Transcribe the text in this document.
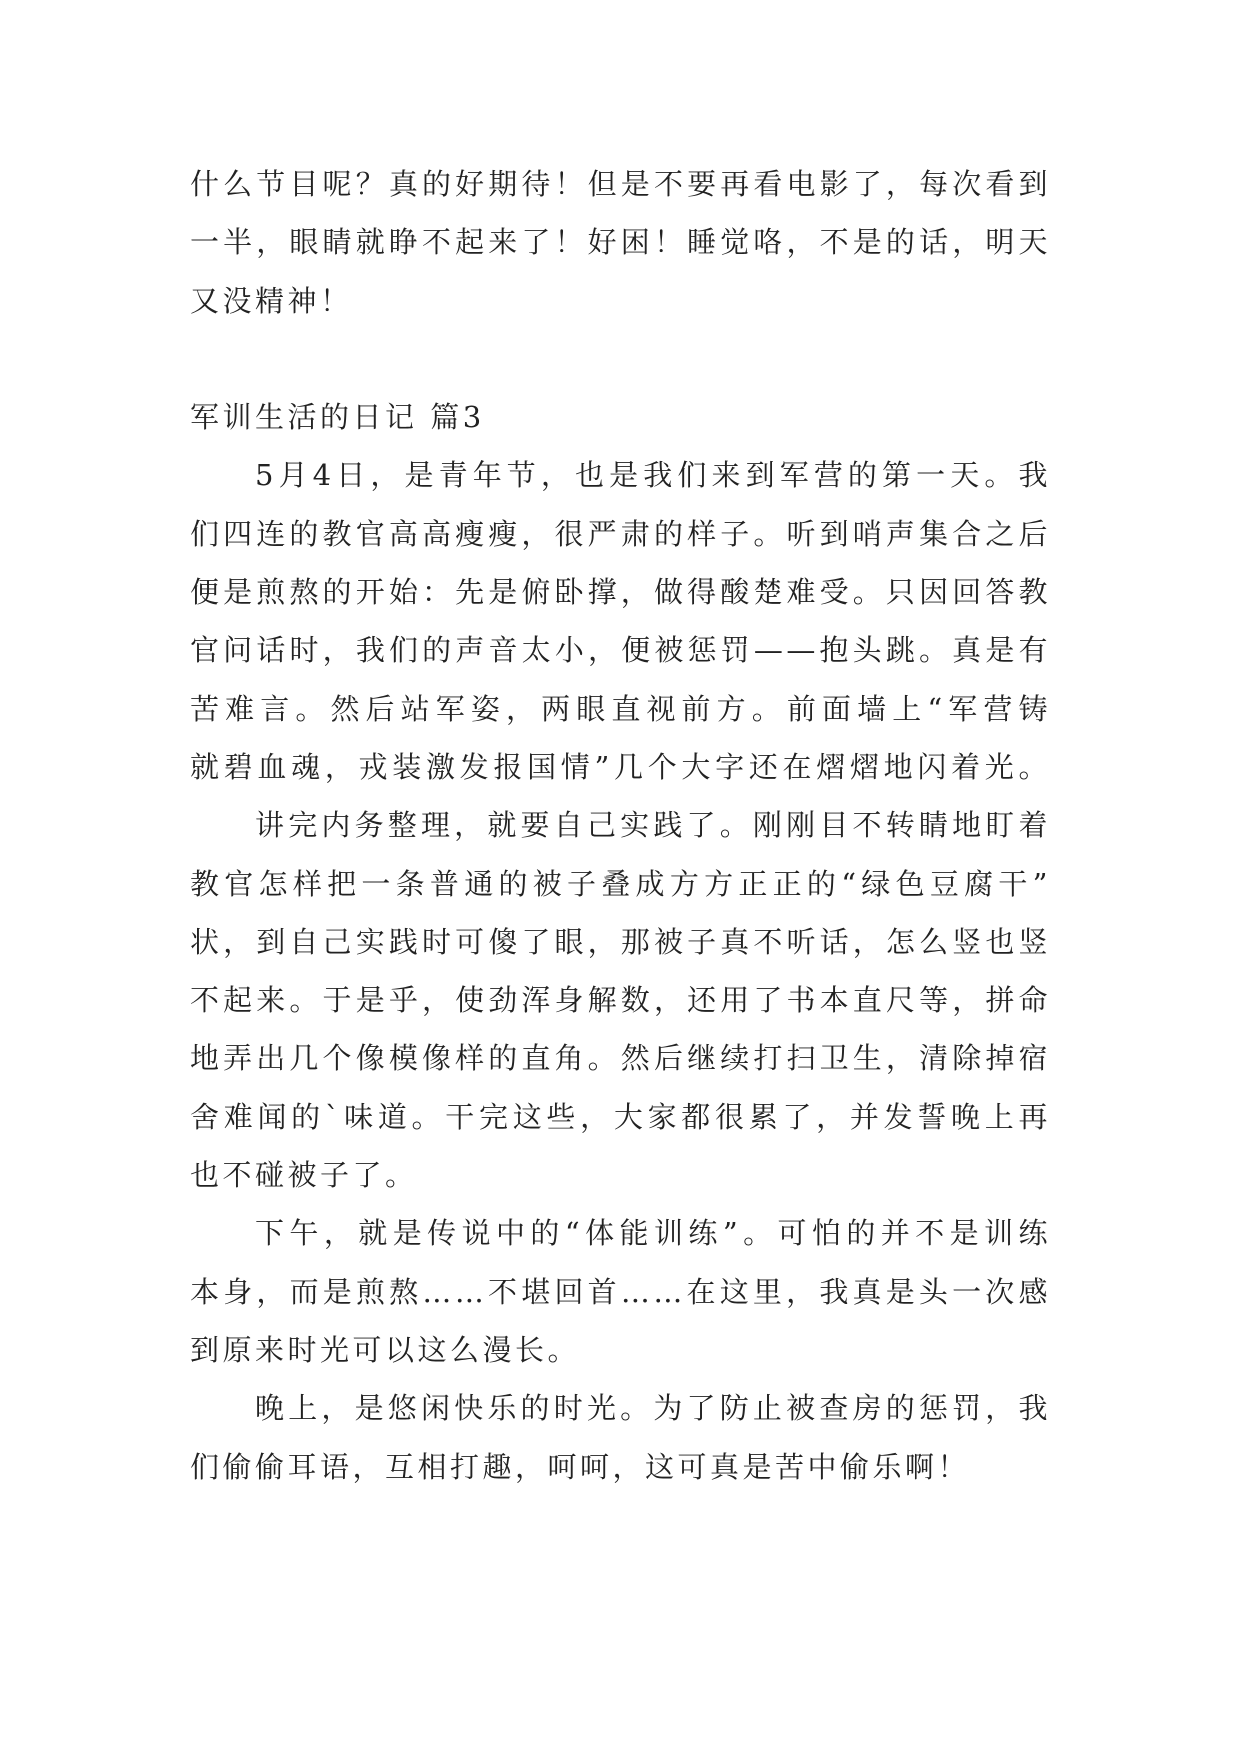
什么节目呢？真的好期待！但是不要再看电影了，每次看到
一半，眼睛就睁不起来了！好困！睡觉咯，不是的话，明天
又没精神！
军训生活的日记 篇3
5月4日，是青年节，也是我们来到军营的第一天。我
们四连的教官高高瘦瘦，很严肃的样子。听到哨声集合之后
便是煎熬的开始：先是俯卧撑，做得酸楚难受。只因回答教
官问话时，我们的声音太小，便被惩罚——抱头跳。真是有
苦难言。然后站军姿，两眼直视前方。前面墙上“军营铸
就碧血魂，戎装激发报国情”几个大字还在熠熠地闪着光。
讲完内务整理，就要自己实践了。刚刚目不转睛地盯着
教官怎样把一条普通的被子叠成方方正正的“绿色豆腐干”
状，到自己实践时可傻了眼，那被子真不听话，怎么竖也竖
不起来。于是乎，使劲浑身解数，还用了书本直尺等，拼命
地弄出几个像模像样的直角。然后继续打扫卫生，清除掉宿
舍难闻的`味道。干完这些，大家都很累了，并发誓晚上再
也不碰被子了。
下午，就是传说中的“体能训练”。可怕的并不是训练
本身，而是煎熬……不堪回首……在这里，我真是头一次感
到原来时光可以这么漫长。
晚上，是悠闲快乐的时光。为了防止被查房的惩罚，我
们偷偷耳语，互相打趣，呵呵，这可真是苦中偷乐啊！
